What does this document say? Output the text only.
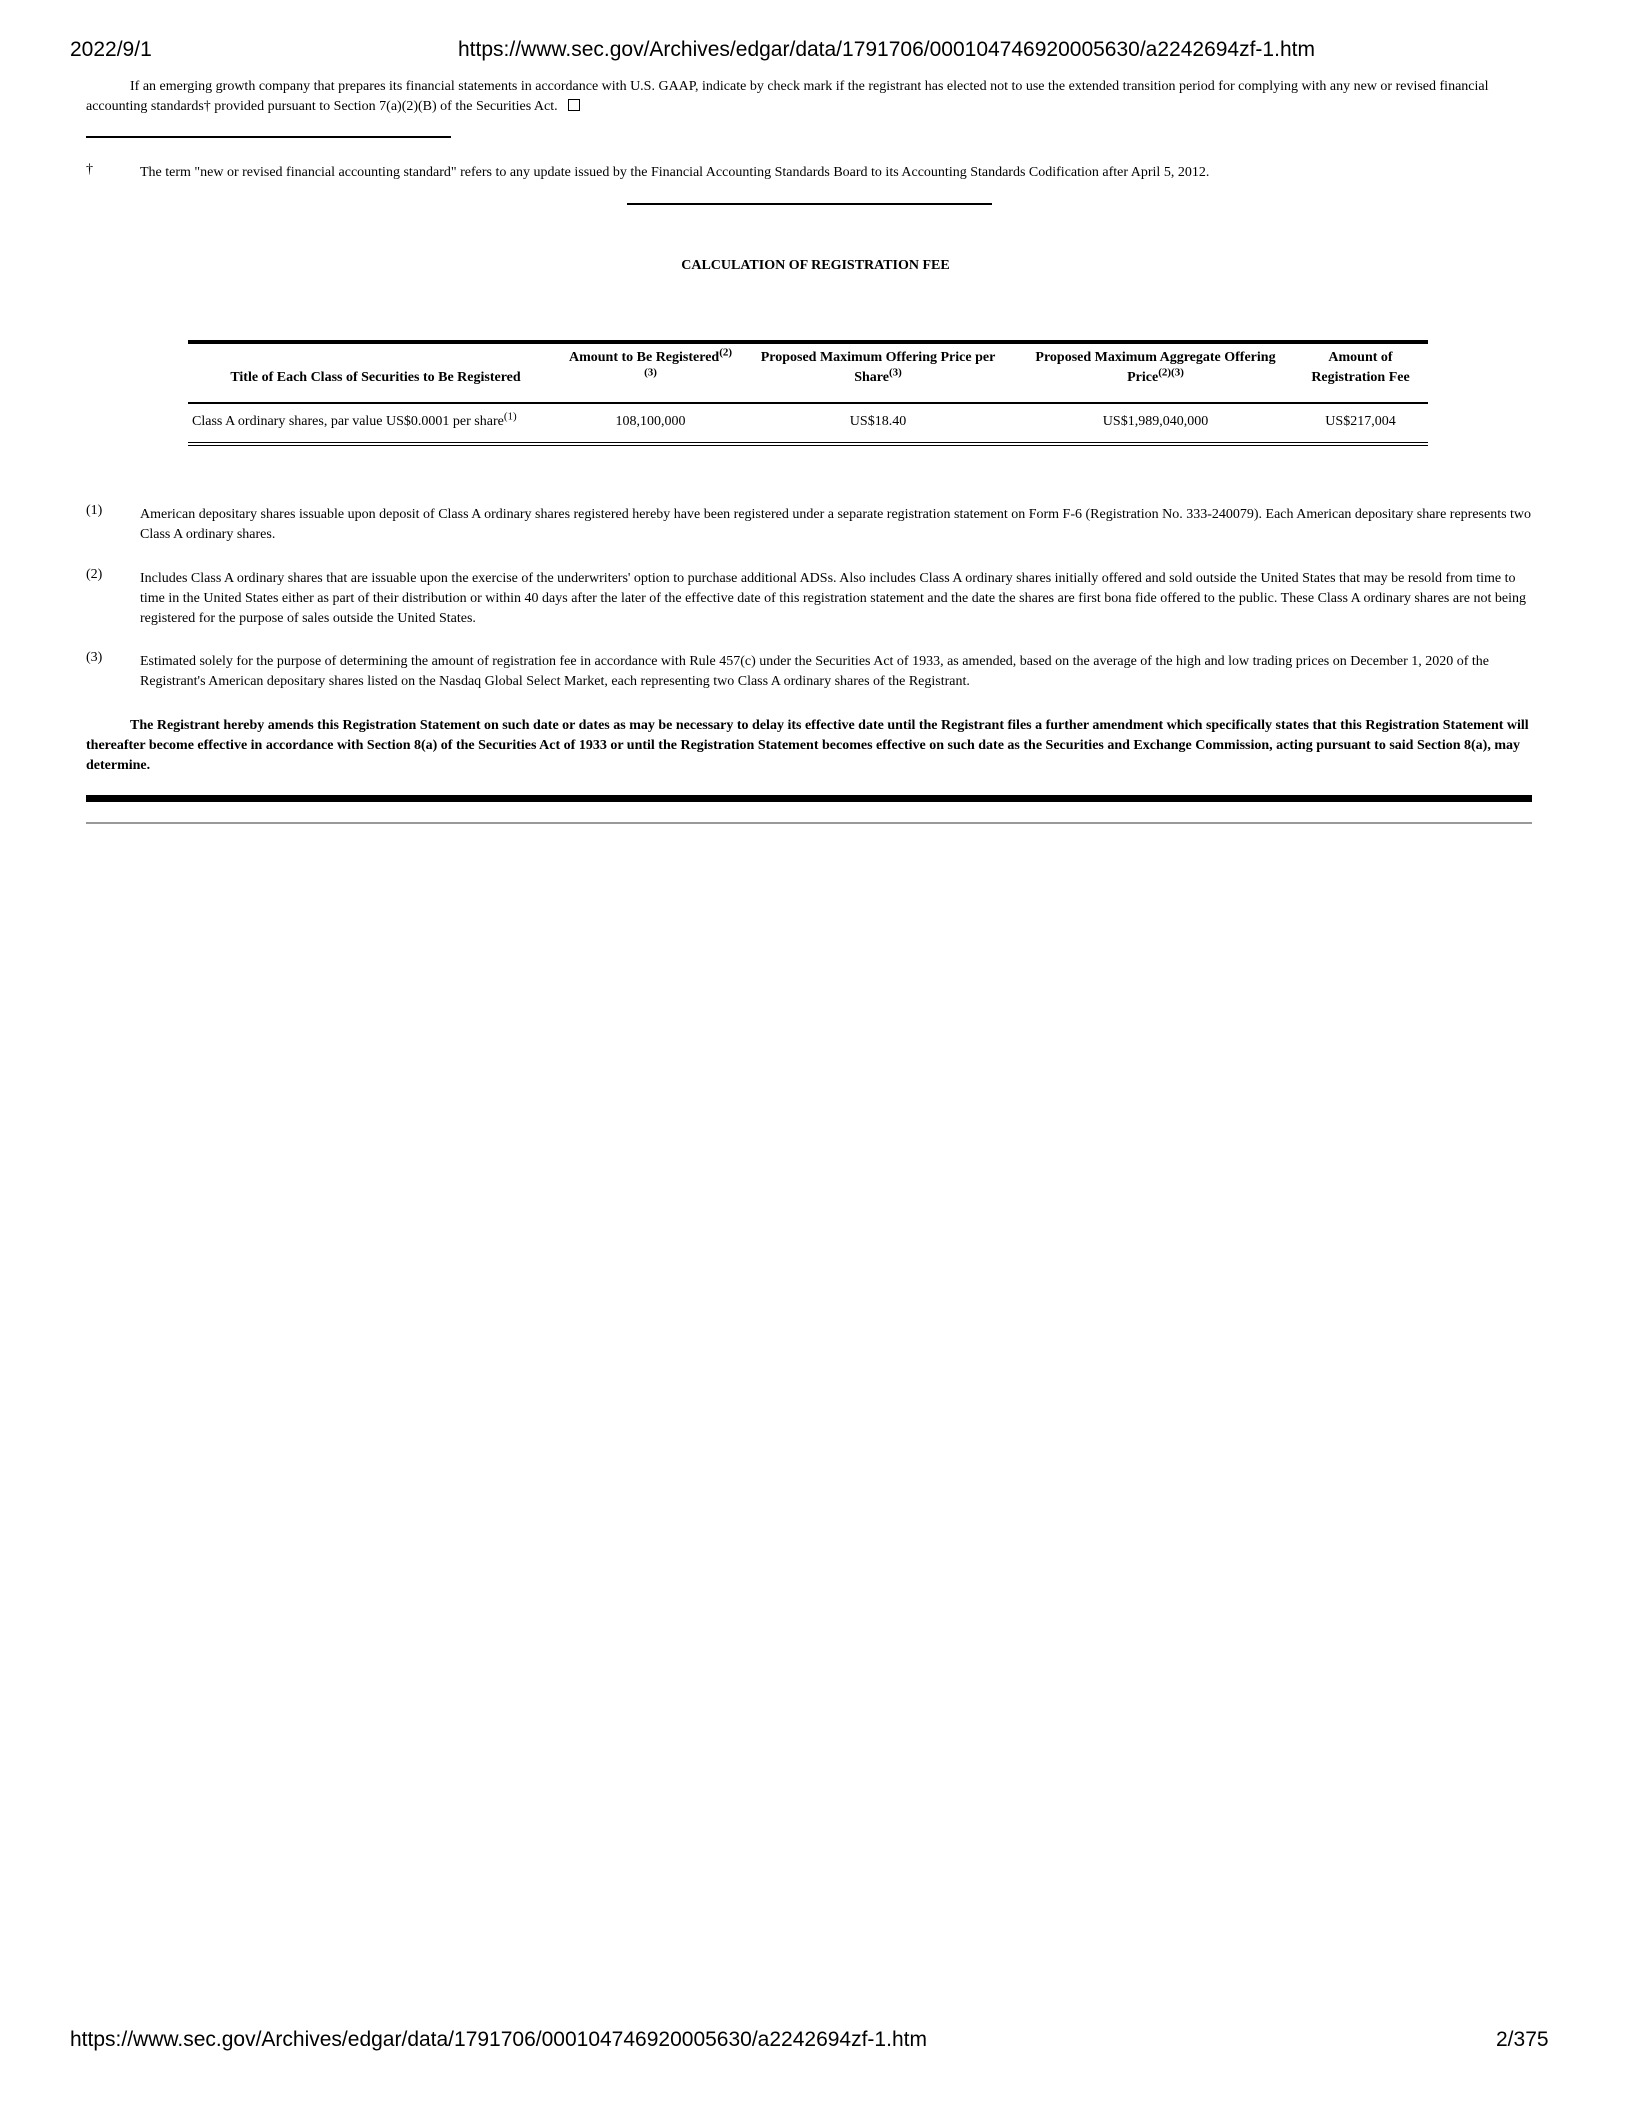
2022/9/1	https://www.sec.gov/Archives/edgar/data/1791706/000104746920005630/a2242694zf-1.htm
If an emerging growth company that prepares its financial statements in accordance with U.S. GAAP, indicate by check mark if the registrant has elected not to use the extended transition period for complying with any new or revised financial accounting standards† provided pursuant to Section 7(a)(2)(B) of the Securities Act.
†	The term "new or revised financial accounting standard" refers to any update issued by the Financial Accounting Standards Board to its Accounting Standards Codification after April 5, 2012.
CALCULATION OF REGISTRATION FEE
Title of Each Class of Securities to Be Registered	Amount to Be Registered$^{(2)(3)}$	Proposed Maximum Offering Price per Share$^{(3)}$	Proposed Maximum Aggregate Offering Price$^{(2)(3)}$	Amount of Registration Fee
Class A ordinary shares, par value US$0.0001 per share$^{(1)}$	108,100,000	US$18.40	US$1,989,040,000	US$217,004
(1)	American depositary shares issuable upon deposit of Class A ordinary shares registered hereby have been registered under a separate registration statement on Form F-6 (Registration No. 333-240079). Each American depositary share represents two Class A ordinary shares.
(2)	Includes Class A ordinary shares that are issuable upon the exercise of the underwriters' option to purchase additional ADSs. Also includes Class A ordinary shares initially offered and sold outside the United States that may be resold from time to time in the United States either as part of their distribution or within 40 days after the later of the effective date of this registration statement and the date the shares are first bona fide offered to the public. These Class A ordinary shares are not being registered for the purpose of sales outside the United States.
(3)	Estimated solely for the purpose of determining the amount of registration fee in accordance with Rule 457(c) under the Securities Act of 1933, as amended, based on the average of the high and low trading prices on December 1, 2020 of the Registrant's American depositary shares listed on the Nasdaq Global Select Market, each representing two Class A ordinary shares of the Registrant.
The Registrant hereby amends this Registration Statement on such date or dates as may be necessary to delay its effective date until the Registrant files a further amendment which specifically states that this Registration Statement will thereafter become effective in accordance with Section 8(a) of the Securities Act of 1933 or until the Registration Statement becomes effective on such date as the Securities and Exchange Commission, acting pursuant to said Section 8(a), may determine.
https://www.sec.gov/Archives/edgar/data/1791706/000104746920005630/a2242694zf-1.htm	2/375
